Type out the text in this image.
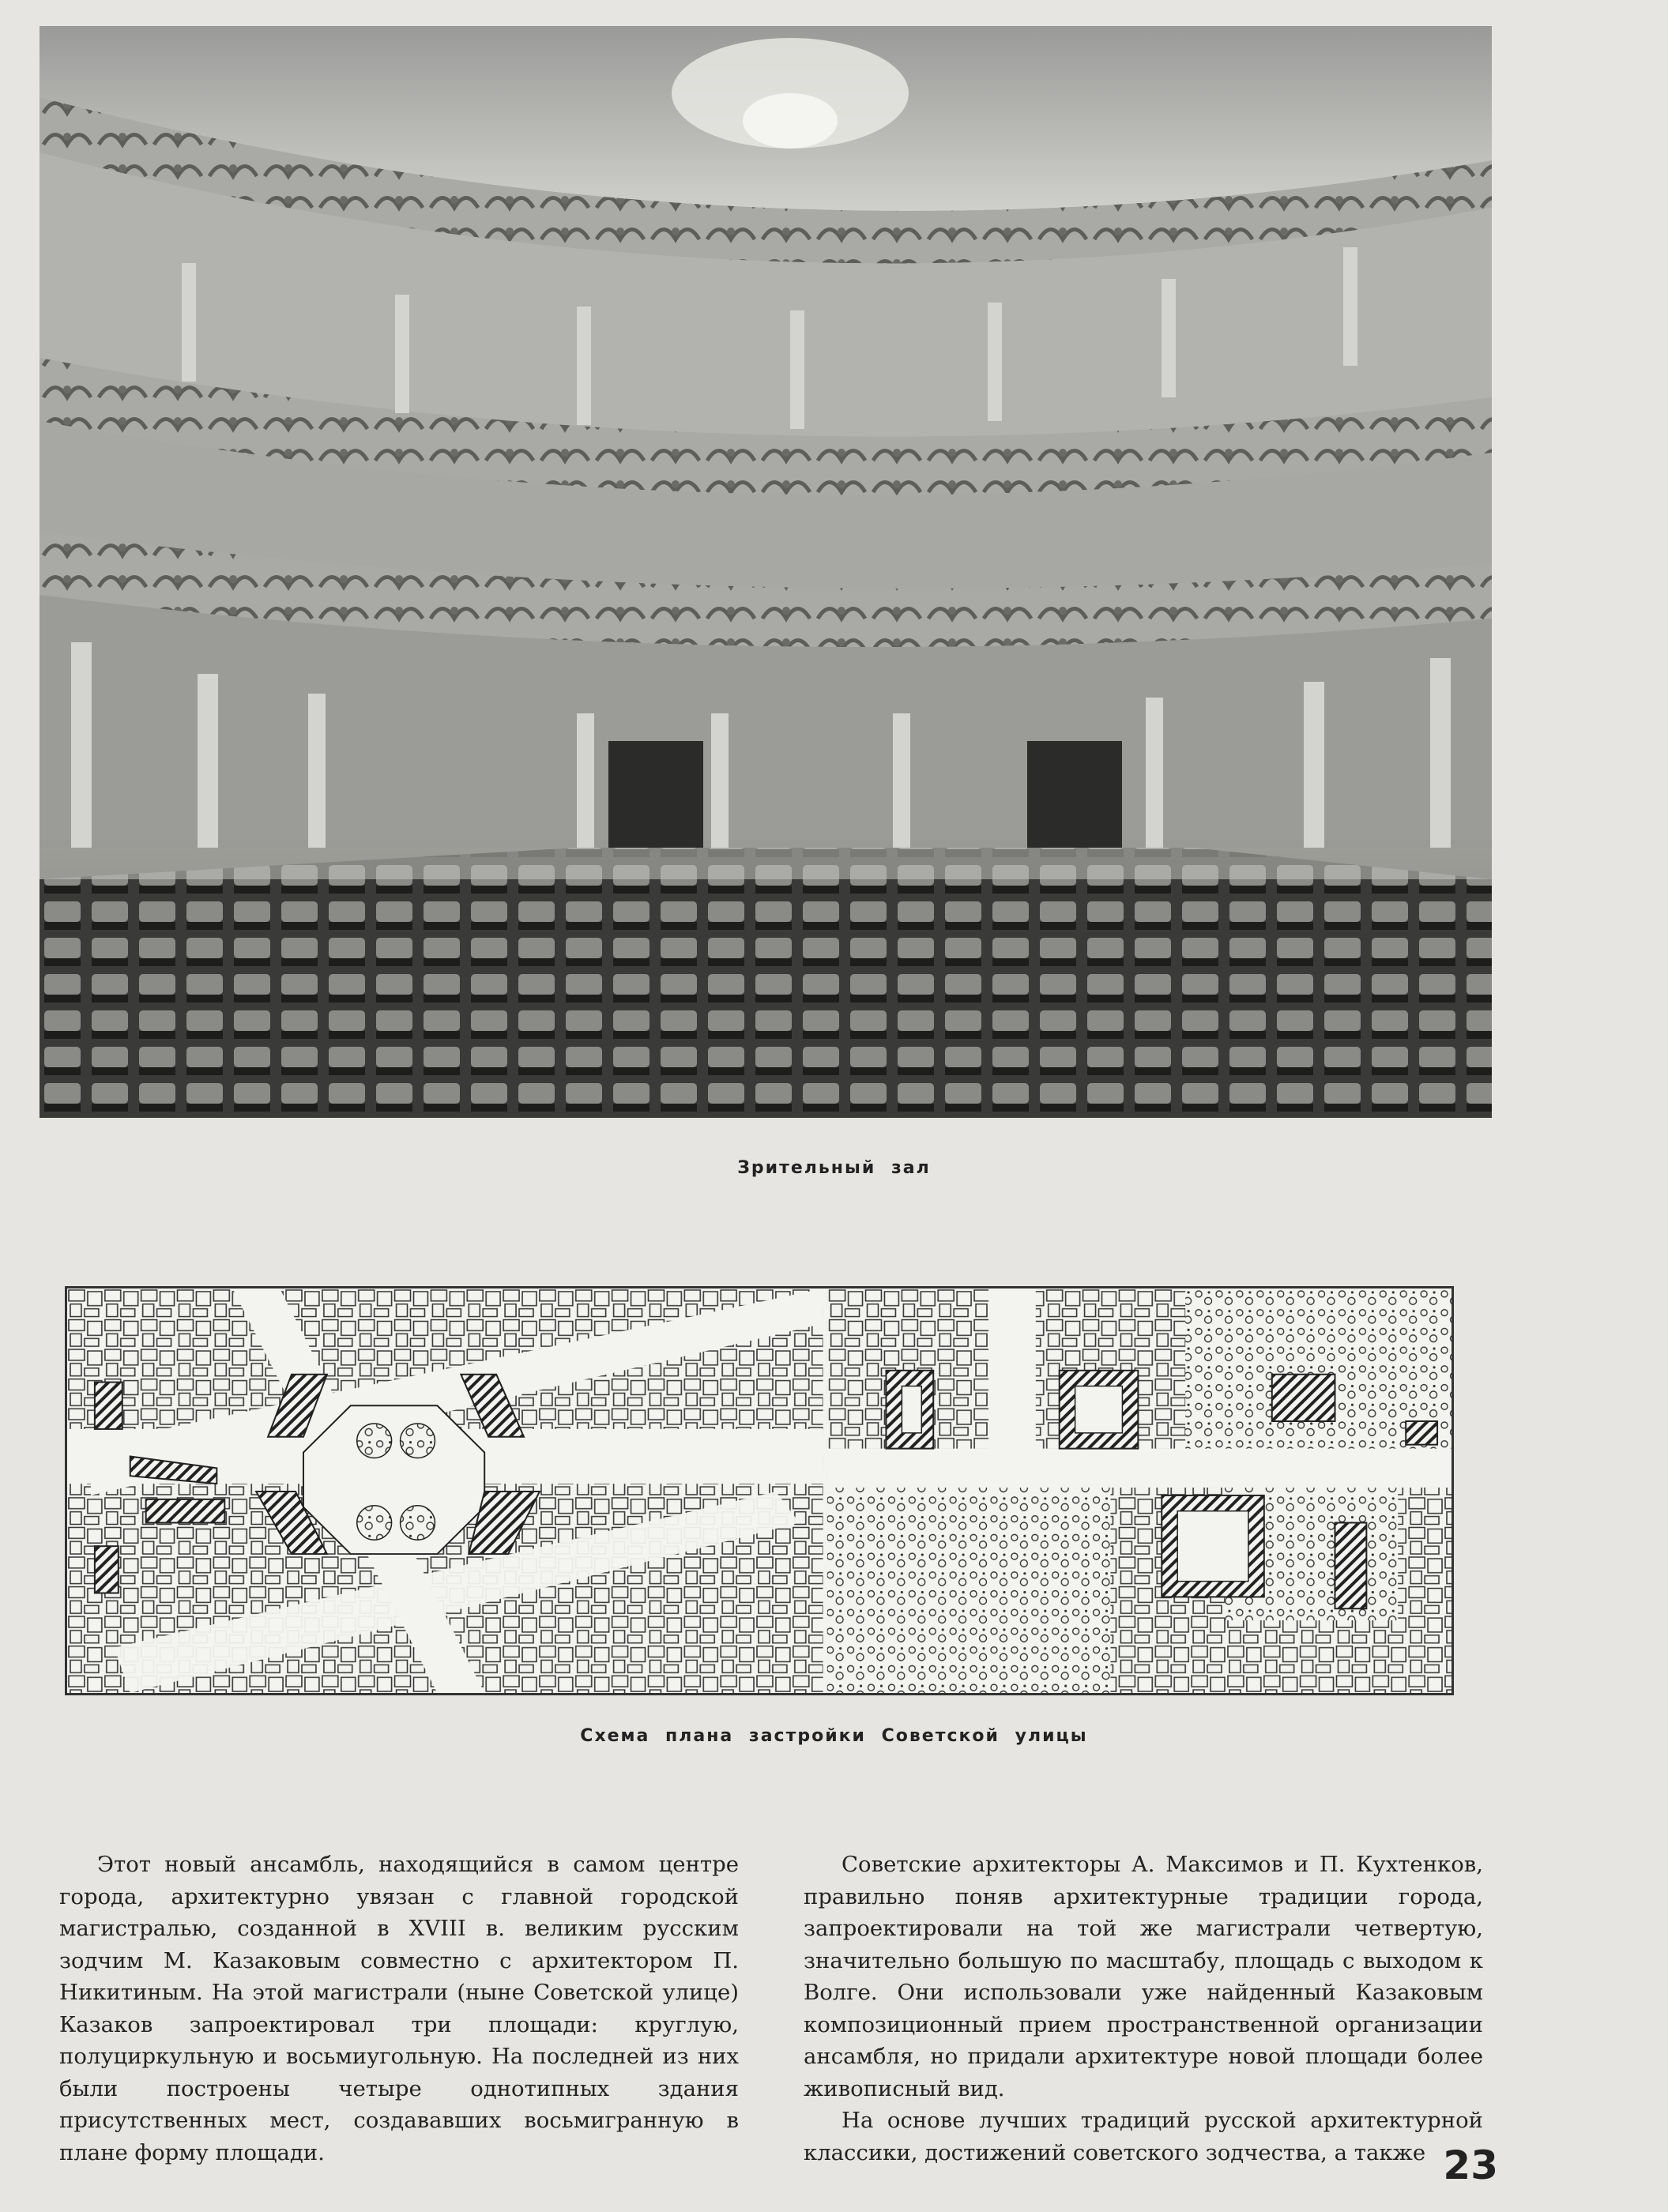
Зрительный зал
Схема плана застройки Советской улицы

Этот новый ансамбль, находящийся в самом центре города, архитектурно увязан с главной городской магистралью, созданной в XVIII в. великим русским зодчим М. Казаковым совместно с архитектором П. Никитиным. На этой магистрали (ныне Советской улице) Казаков запроектировал три площади: круглую, полуциркульную и восьмиугольную. На последней из них были построены четыре однотипных здания присутственных мест, создававших восьмигранную в плане форму площади.

Советские архитекторы А. Максимов и П. Кухтенков, правильно поняв архитектурные традиции города, запроектировали на той же магистрали четвертую, значительно большую по масштабу, площадь с выходом к Волге. Они использовали уже найденный Казаковым композиционный прием пространственной организации ансамбля, но придали архитектуре новой площади более живописный вид.

На основе лучших традиций русской архитектурной классики, достижений советского зодчества, а также 23
